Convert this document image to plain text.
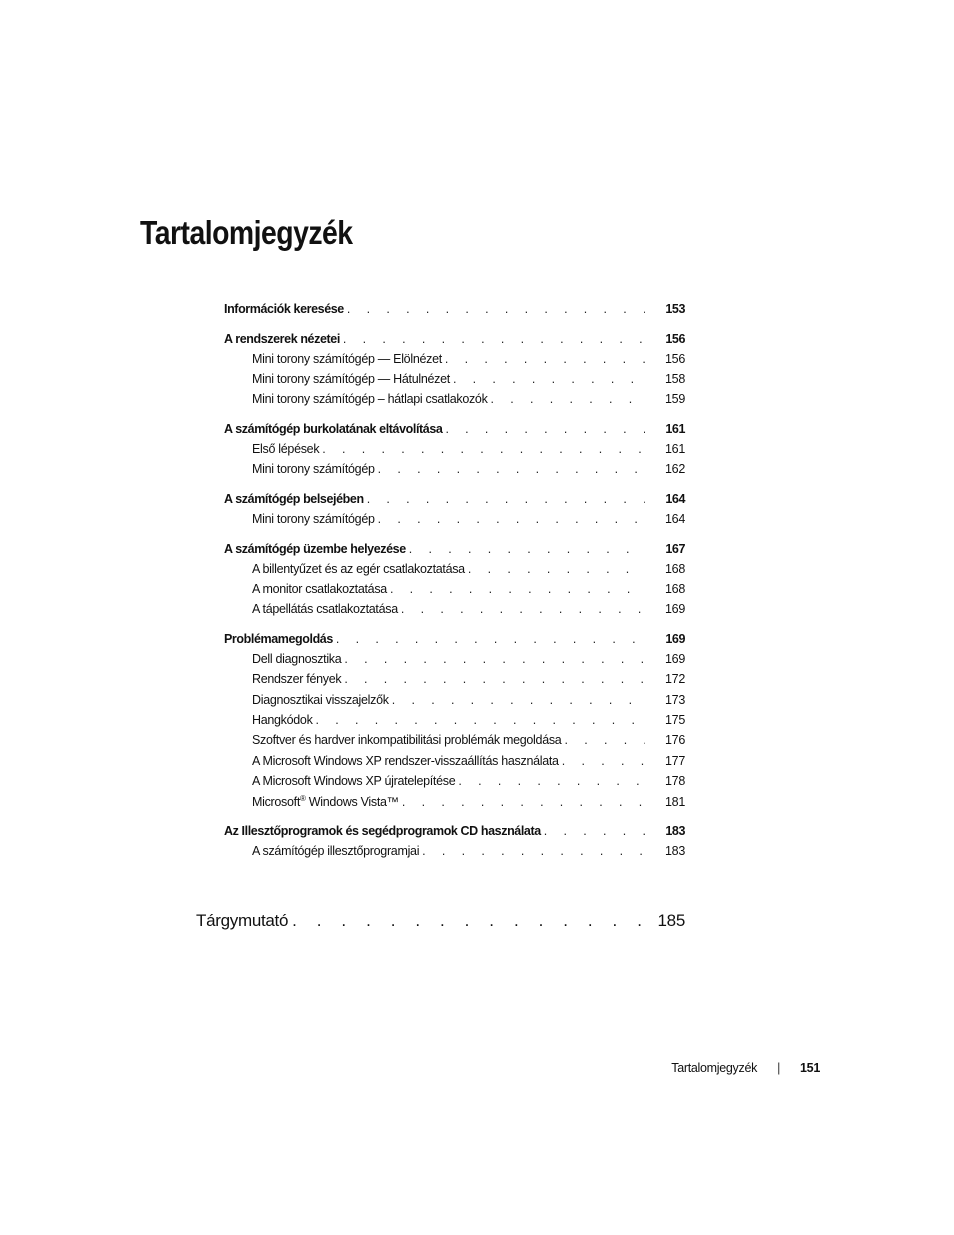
Tartalomjegyzék
Információk keresése . . .	153
A rendszerek nézetei . . .	156
Mini torony számítógép — Elölnézet . . .	156
Mini torony számítógép — Hátulnézet . . .	158
Mini torony számítógép – hátlapi csatlakozók . . .	159
A számítógép burkolatának eltávolítása . . .	161
Első lépések . . .	161
Mini torony számítógép . . .	162
A számítógép belsejében . . .	164
Mini torony számítógép . . .	164
A számítógép üzembe helyezése . . .	167
A billentyűzet és az egér csatlakoztatása . . .	168
A monitor csatlakoztatása . . .	168
A tápellátás csatlakoztatása . . .	169
Problémamegoldás . . .	169
Dell diagnosztika . . .	169
Rendszer fények . . .	172
Diagnosztikai visszajelzők . . .	173
Hangkódok . . .	175
Szoftver és hardver inkompatibilitási problémák megoldása . . .	176
A Microsoft Windows XP rendszer-visszaállítás használata . . .	177
A Microsoft Windows XP újratelepítése . . .	178
Microsoft® Windows Vista™ . . .	181
Az Illesztőprogramok és segédprogramok CD használata . . .	183
A számítógép illesztőprogramjai . . .	183
Tárgymutató . . .	185
Tartalomjegyzék | 151
